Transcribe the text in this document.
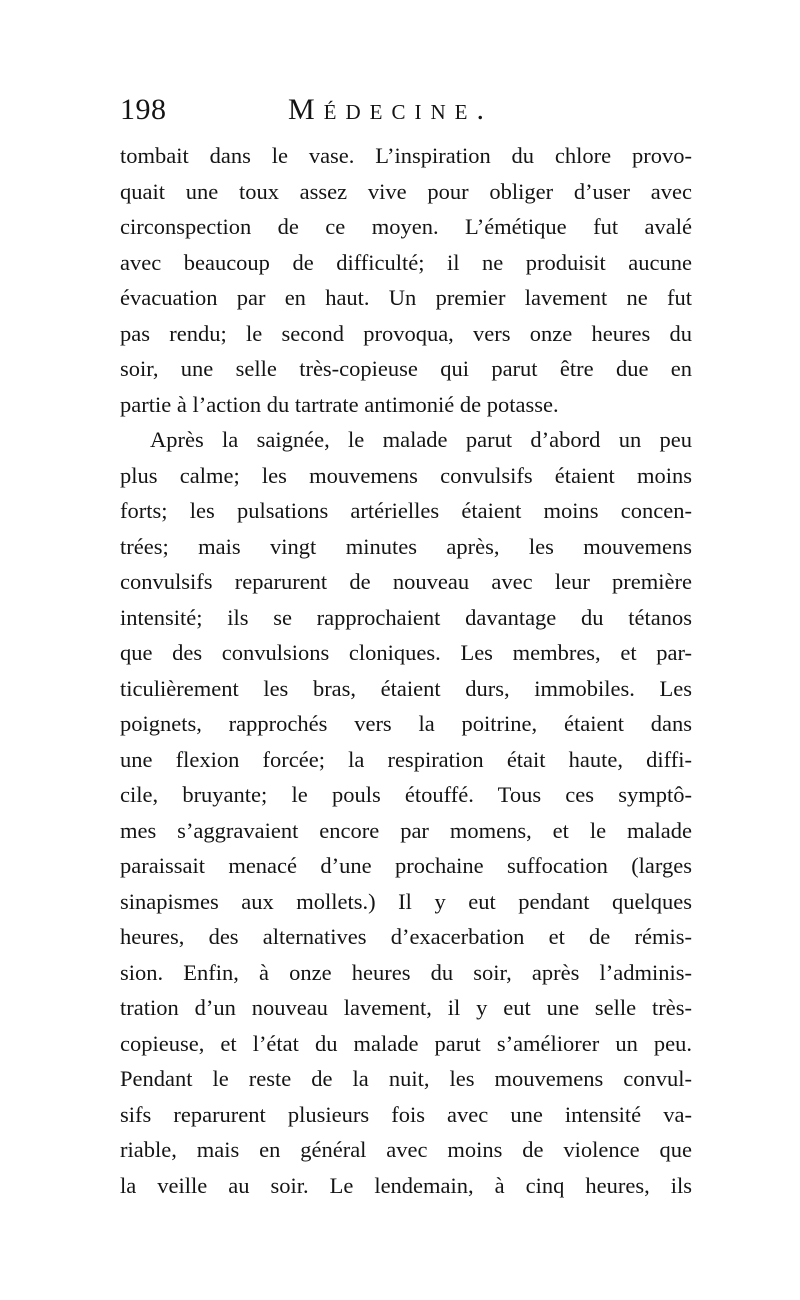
198	Médecine.
tombait dans le vase. L’inspiration du chlore provo-
quait une toux assez vive pour obliger d’user avec
circonspection de ce moyen. L’émétique fut avalé
avec beaucoup de difficulté; il ne produisit aucune
évacuation par en haut. Un premier lavement ne fut
pas rendu; le second provoqua, vers onze heures du
soir, une selle très-copieuse qui parut être due en
partie à l’action du tartrate antimonié de potasse.
Après la saignée, le malade parut d’abord un peu
plus calme; les mouvemens convulsifs étaient moins
forts; les pulsations artérielles étaient moins concen-
trées; mais vingt minutes après, les mouvemens
convulsifs reparurent de nouveau avec leur première
intensité; ils se rapprochaient davantage du tétanos
que des convulsions cloniques. Les membres, et par-
ticulièrement les bras, étaient durs, immobiles. Les
poignets, rapprochés vers la poitrine, étaient dans
une flexion forcée; la respiration était haute, diffi-
cile, bruyante; le pouls étouffé. Tous ces symptô-
mes s’aggravaient encore par momens, et le malade
paraissait menacé d’une prochaine suffocation (larges
sinapismes aux mollets.) Il y eut pendant quelques
heures, des alternatives d’exacerbation et de rémis-
sion. Enfin, à onze heures du soir, après l’adminis-
tration d’un nouveau lavement, il y eut une selle très-
copieuse, et l’état du malade parut s’améliorer un peu.
Pendant le reste de la nuit, les mouvemens convul-
sifs reparurent plusieurs fois avec une intensité va-
riable, mais en général avec moins de violence que
la veille au soir. Le lendemain, à cinq heures, ils
